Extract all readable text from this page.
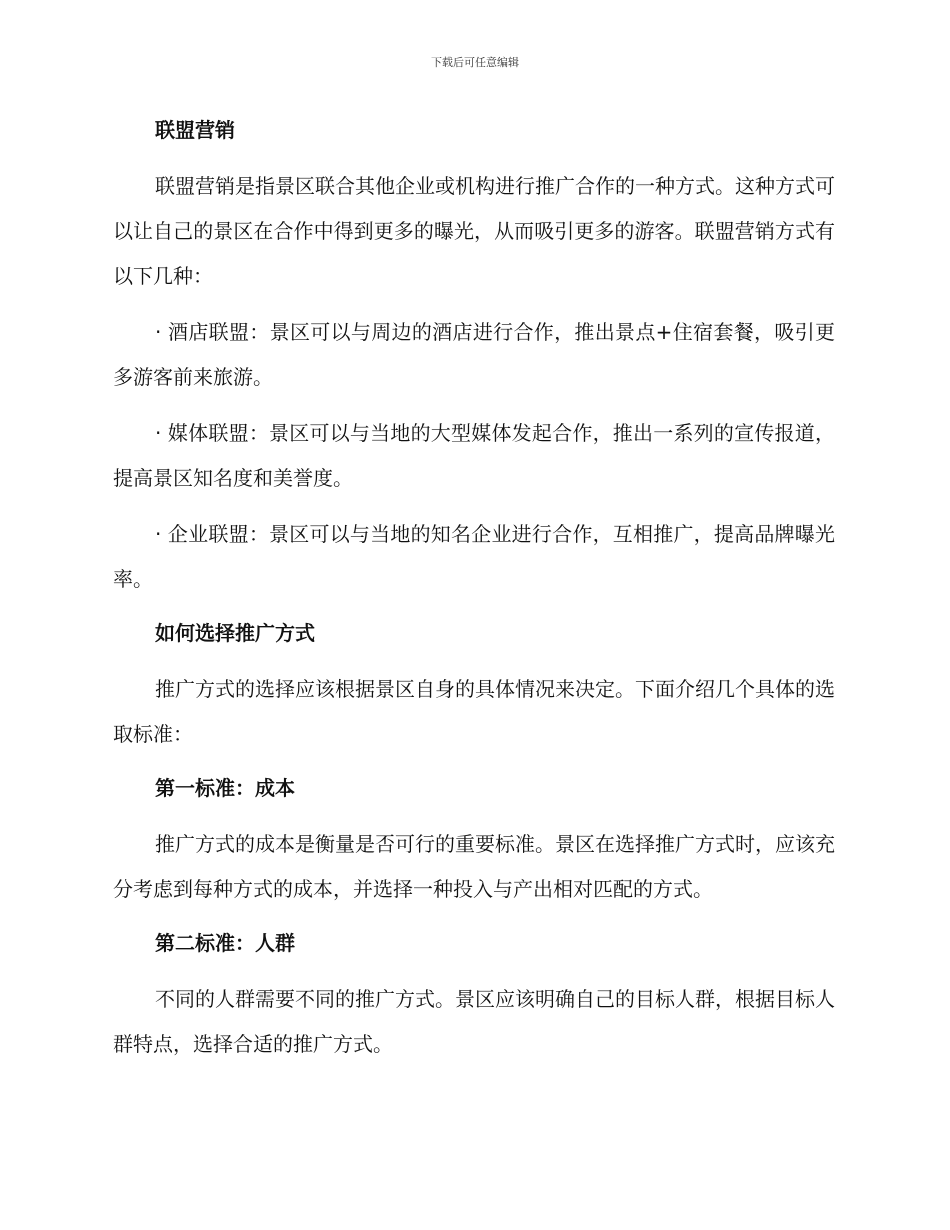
下载后可任意编辑
联盟营销
联盟营销是指景区联合其他企业或机构进行推广合作的一种方式。这种方式可以让自己的景区在合作中得到更多的曝光，从而吸引更多的游客。联盟营销方式有以下几种：
· 酒店联盟：景区可以与周边的酒店进行合作，推出景点+住宿套餐，吸引更多游客前来旅游。
· 媒体联盟：景区可以与当地的大型媒体发起合作，推出一系列的宣传报道，提高景区知名度和美誉度。
· 企业联盟：景区可以与当地的知名企业进行合作，互相推广，提高品牌曝光率。
如何选择推广方式
推广方式的选择应该根据景区自身的具体情况来决定。下面介绍几个具体的选取标准：
第一标准：成本
推广方式的成本是衡量是否可行的重要标准。景区在选择推广方式时，应该充分考虑到每种方式的成本，并选择一种投入与产出相对匹配的方式。
第二标准：人群
不同的人群需要不同的推广方式。景区应该明确自己的目标人群，根据目标人群特点，选择合适的推广方式。
